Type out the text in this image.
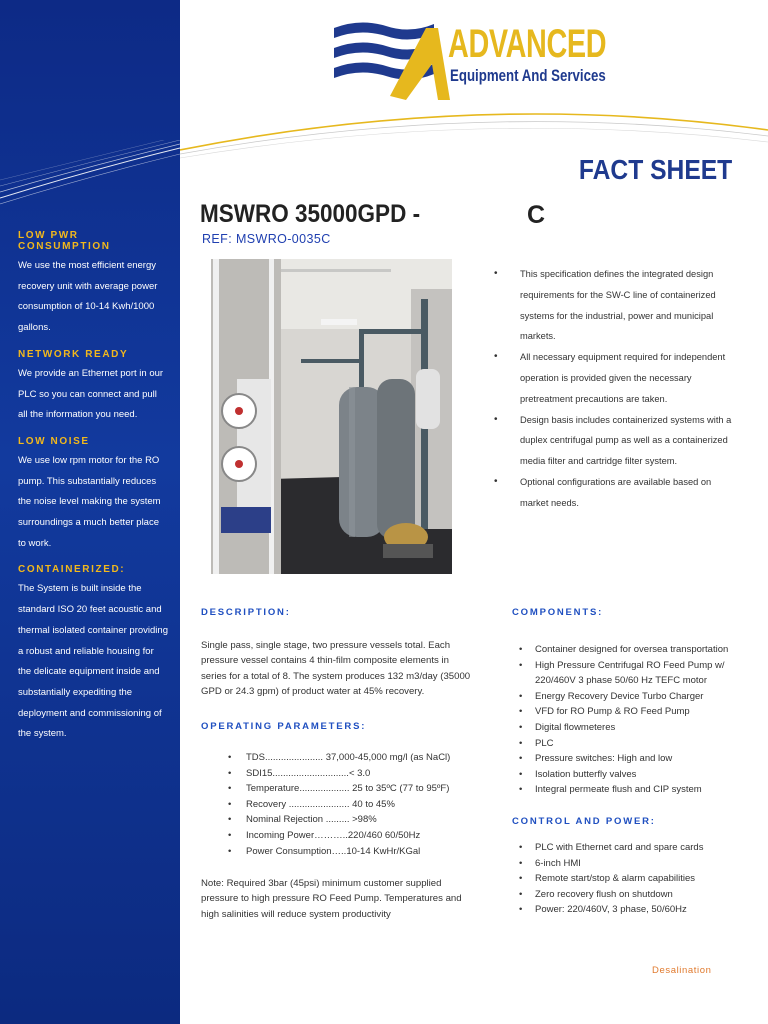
LOW PWR CONSUMPTION

We use the most efficient energy recovery unit with average power consumption of 10-14 Kwh/1000 gallons.

NETWORK READY

We provide an Ethernet port in our PLC so you can connect and pull all the information you need.

LOW NOISE

We use low rpm motor for the RO pump. This substantially reduces the noise level making the system surroundings a much better place to work.

CONTAINERIZED:

The System is built inside the standard ISO 20 feet acoustic and thermal isolated container providing a robust and reliable housing for the delicate equipment inside and substantially expediting the deployment and commissioning of the system.

ADVANCED
Equipment And Services
FACT SHEET
MSWRO 35000GPD -	C
REF: MSWRO-0035C
• This specification defines the integrated design requirements for the SW-C line of containerized systems for the industrial, power and municipal markets.
• All necessary equipment required for independent operation is provided given the necessary pretreatment precautions are taken.
• Design basis includes containerized systems with a duplex centrifugal pump as well as a containerized media filter and cartridge filter system.
• Optional configurations are available based on market needs.
DESCRIPTION:
Single pass, single stage, two pressure vessels total. Each pressure vessel contains 4 thin-film composite elements in series for a total of 8. The system produces 132 m3/day (35000 GPD or 24.3 gpm) of product water at 45% recovery.
OPERATING PARAMETERS:
• TDS...................... 37,000-45,000 mg/l (as NaCl)
• SDI15.............................< 3.0
• Temperature................... 25 to 35ºC (77 to 95ºF)
• Recovery ....................... 40 to 45%
• Nominal Rejection ......... >98%
• Incoming Power………..220/460 60/50Hz
• Power Consumption…..10-14 KwHr/KGal
Note: Required 3bar (45psi) minimum customer supplied pressure to high pressure RO Feed Pump. Temperatures and high salinities will reduce system productivity
COMPONENTS:
• Container designed for oversea transportation
• High Pressure Centrifugal RO Feed Pump w/ 220/460V 3 phase 50/60 Hz TEFC motor
• Energy Recovery Device Turbo Charger
• VFD for RO Pump & RO Feed Pump
• Digital flowmeteres
• PLC
• Pressure switches: High and low
• Isolation butterfly valves
• Integral permeate flush and CIP system
CONTROL AND POWER:
• PLC with Ethernet card and spare cards
• 6-inch HMI
• Remote start/stop & alarm capabilities
• Zero recovery flush on shutdown
• Power: 220/460V, 3 phase, 50/60Hz
Desalination
